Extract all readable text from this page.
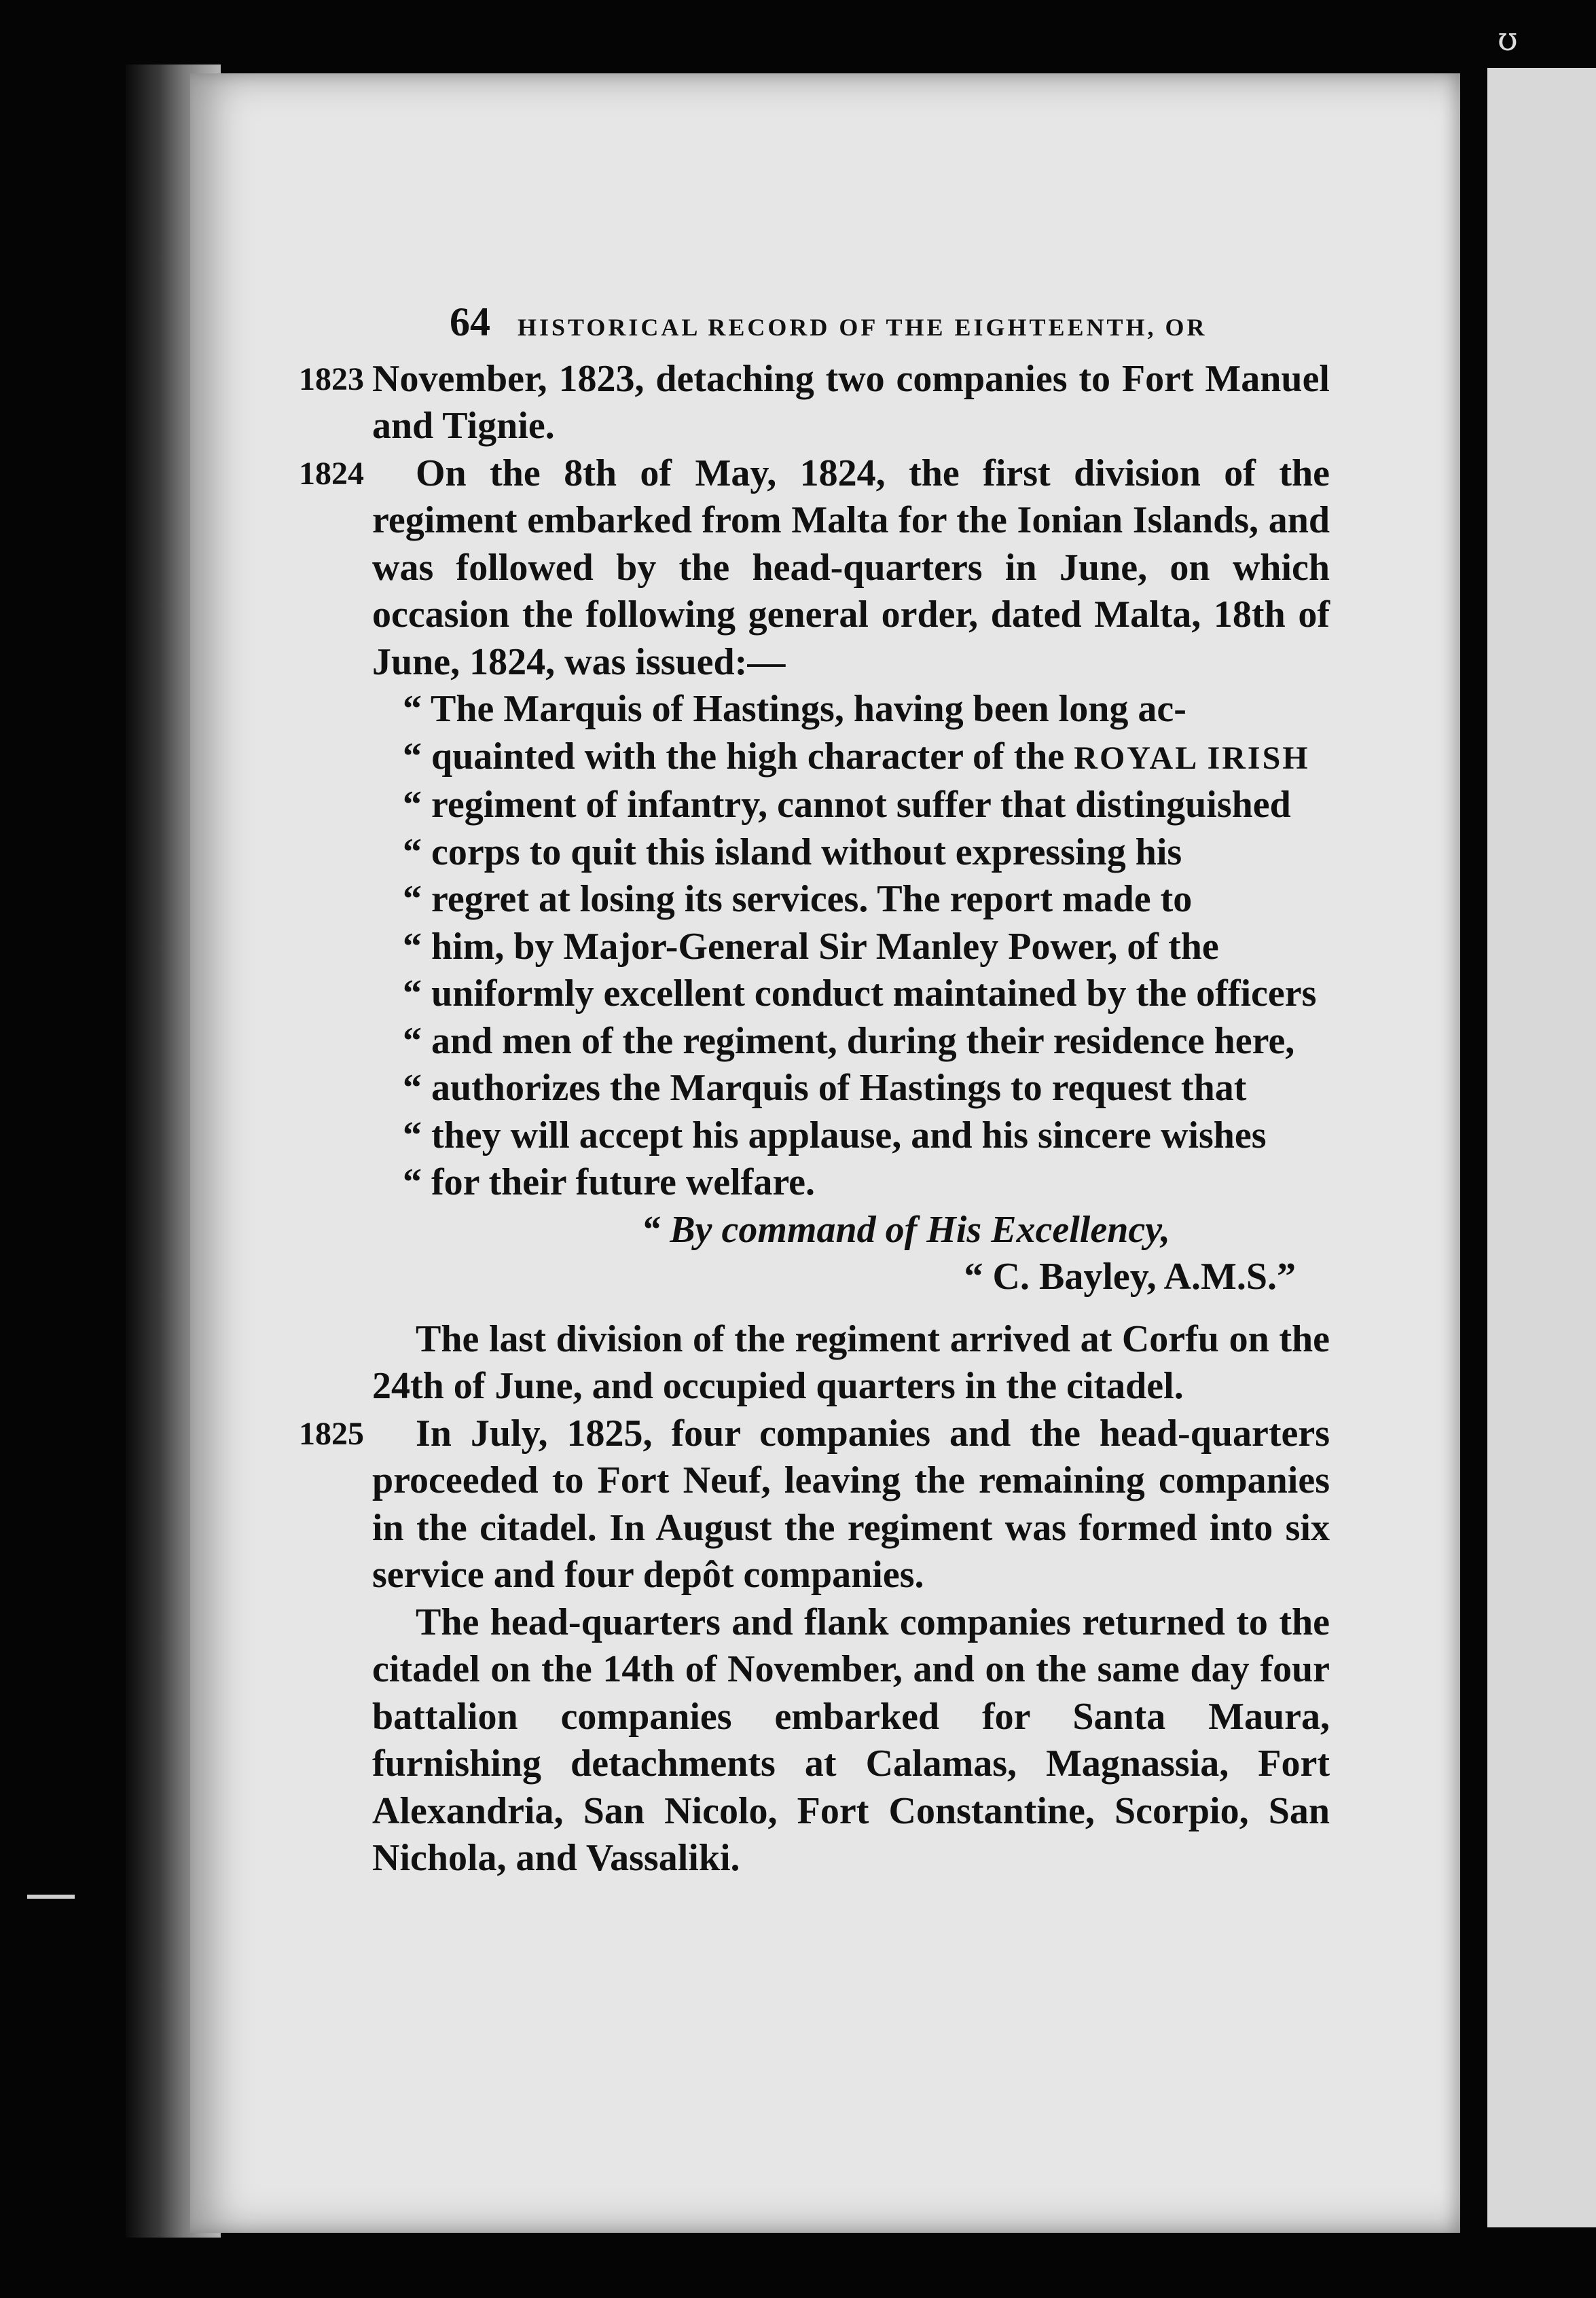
ʊ
64 HISTORICAL RECORD OF THE EIGHTEENTH, OR
1823 November, 1823, detaching two companies to Fort Manuel and Tignie.
1824 On the 8th of May, 1824, the first division of the regiment embarked from Malta for the Ionian Islands, and was followed by the head-quarters in June, on which occasion the following general order, dated Malta, 18th of June, 1824, was issued:—
“ The Marquis of Hastings, having been long ac-
“ quainted with the high character of the ROYAL IRISH
“ regiment of infantry, cannot suffer that distinguished
“ corps to quit this island without expressing his
“ regret at losing its services. The report made to
“ him, by Major-General Sir Manley Power, of the
“ uniformly excellent conduct maintained by the officers
“ and men of the regiment, during their residence here,
“ authorizes the Marquis of Hastings to request that
“ they will accept his applause, and his sincere wishes
“ for their future welfare.
“ By command of His Excellency,
“ C. Bayley, A.M.S.”
The last division of the regiment arrived at Corfu on the 24th of June, and occupied quarters in the citadel.
1825 In July, 1825, four companies and the head-quarters proceeded to Fort Neuf, leaving the remaining companies in the citadel. In August the regiment was formed into six service and four depôt companies.
The head-quarters and flank companies returned to the citadel on the 14th of November, and on the same day four battalion companies embarked for Santa Maura, furnishing detachments at Calamas, Magnassia, Fort Alexandria, San Nicolo, Fort Constantine, Scorpio, San Nichola, and Vassaliki.
